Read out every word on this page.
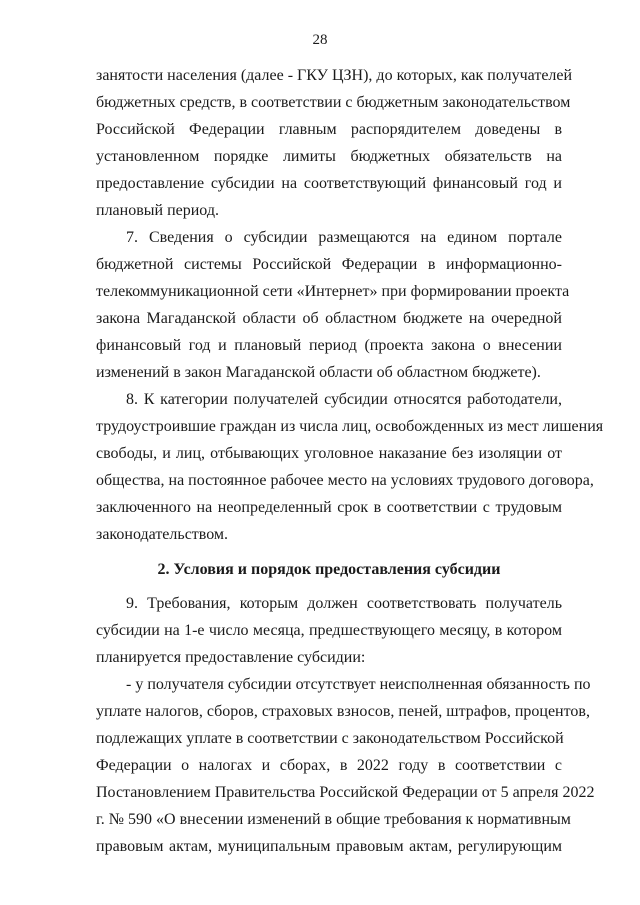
28
занятости населения (далее - ГКУ ЦЗН), до которых, как получателей
бюджетных средств, в соответствии с бюджетным законодательством
Российской Федерации главным распорядителем доведены в
установленном порядке лимиты бюджетных обязательств на
предоставление субсидии на соответствующий финансовый год и
плановый период.
7. Сведения о субсидии размещаются на едином портале
бюджетной системы Российской Федерации в информационно-
телекоммуникационной сети «Интернет» при формировании проекта
закона Магаданской области об областном бюджете на очередной
финансовый год и плановый период (проекта закона о внесении
изменений в закон Магаданской области об областном бюджете).
8. К категории получателей субсидии относятся работодатели,
трудоустроившие граждан из числа лиц, освобожденных из мест лишения
свободы, и лиц, отбывающих уголовное наказание без изоляции от
общества, на постоянное рабочее место на условиях трудового договора,
заключенного на неопределенный срок в соответствии с трудовым
законодательством.
2. Условия и порядок предоставления субсидии
9. Требования, которым должен соответствовать получатель
субсидии на 1-е число месяца, предшествующего месяцу, в котором
планируется предоставление субсидии:
- у получателя субсидии отсутствует неисполненная обязанность по
уплате налогов, сборов, страховых взносов, пеней, штрафов, процентов,
подлежащих уплате в соответствии с законодательством Российской
Федерации о налогах и сборах, в 2022 году в соответствии с
Постановлением Правительства Российской Федерации от 5 апреля 2022
г. № 590 «О внесении изменений в общие требования к нормативным
правовым актам, муниципальным правовым актам, регулирующим
